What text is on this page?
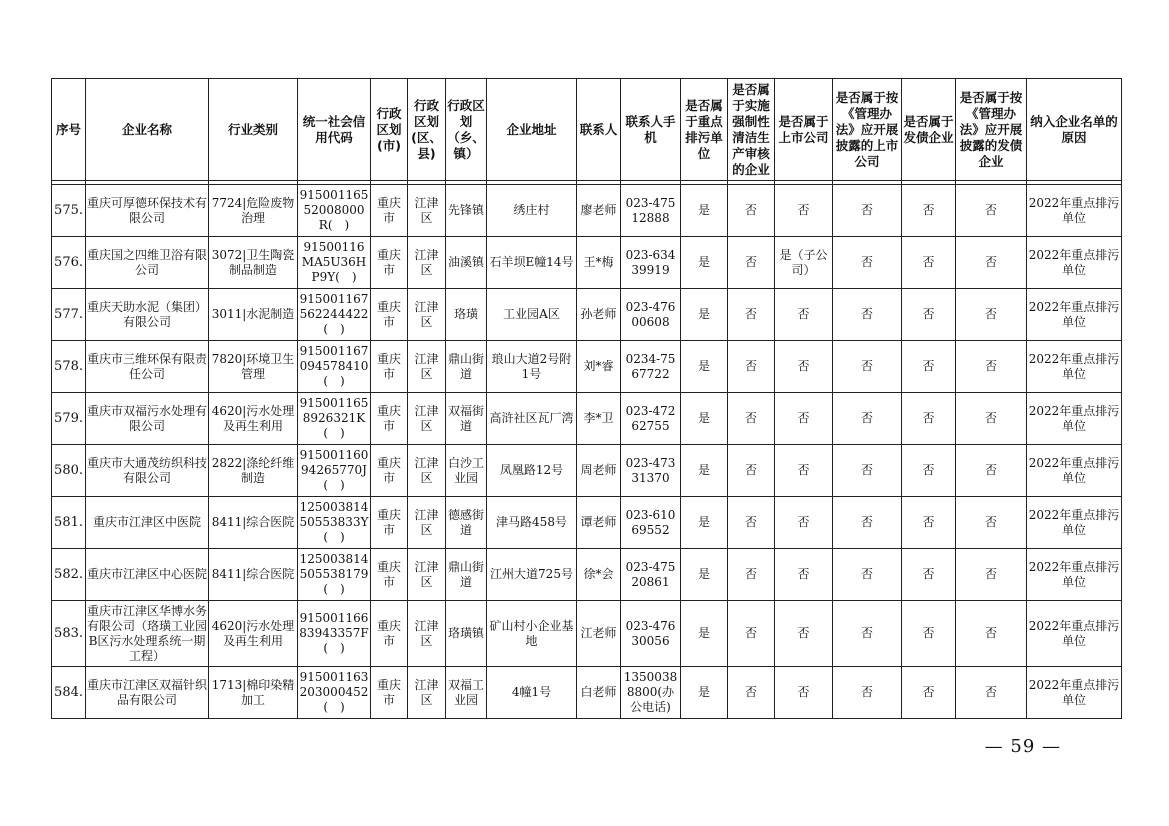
序号	企业名称	行业类别	统一社会信用代码	行政区划(市)	行政区划(区、县)	行政区划（乡、镇）	企业地址	联系人	联系人手机	是否属于重点排污单位	是否属于实施强制性清洁生产审核的企业	是否属于上市公司	是否属于按《管理办法》应开展披露的上市公司	是否属于发债企业	是否属于按《管理办法》应开展披露的发债企业	纳入企业名单的原因

575.	重庆可厚德环保技术有限公司	7724|危险废物治理	91500116552008000R(　)	重庆市	江津区	先锋镇	绣庄村	廖老师	023-47512888	是	否	否	否	否	否	2022年重点排污单位
576.	重庆国之四维卫浴有限公司	3072|卫生陶瓷制品制造	91500116MA5U36HP9Y(　)	重庆市	江津区	油溪镇	石羊坝E幢14号	王*梅	023-63439919	是	否	是（子公司）	否	否	否	2022年重点排污单位
577.	重庆天助水泥（集团）有限公司	3011|水泥制造	915001167562244422(　)	重庆市	江津区	珞璜	工业园A区	孙老师	023-47600608	是	否	否	否	否	否	2022年重点排污单位
578.	重庆市三维环保有限责任公司	7820|环境卫生管理	915001167094578410(　)	重庆市	江津区	鼎山街道	琅山大道2号附1号	刘*睿	0234-7567722	是	否	否	否	否	否	2022年重点排污单位
579.	重庆市双福污水处理有限公司	4620|污水处理及再生利用	9150011658926321K(　)	重庆市	江津区	双福街道	高浒社区瓦厂湾	李*卫	023-47262755	是	否	否	否	否	否	2022年重点排污单位
580.	重庆市大通茂纺织科技有限公司	2822|涤纶纤维制造	9150011609426577​0J(　)	重庆市	江津区	白沙工业园	凤凰路12号	周老师	023-47331370	是	否	否	否	否	否	2022年重点排污单位
581.	重庆市江津区中医院	8411|综合医院	12500381450553833Y(　)	重庆市	江津区	德感街道	津马路458号	谭老师	023-61069552	是	否	否	否	否	否	2022年重点排污单位
582.	重庆市江津区中心医院	8411|综合医院	125003814505538179(　)	重庆市	江津区	鼎山街道	江州大道725号	徐*会	023-47520861	是	否	否	否	否	否	2022年重点排污单位
583.	重庆市江津区华博水务有限公司（珞璜工业园B区污水处理系统一期工程）	4620|污水处理及再生利用	9150011668394335​7F(　)	重庆市	江津区	珞璜镇	矿山村小企业基地	江老师	023-47630056	是	否	否	否	否	否	2022年重点排污单位
584.	重庆市江津区双福针织品有限公司	1713|棉印染精加工	915001163203000452(　)	重庆市	江津区	双福工业园	4幢1号	白老师	13500388800(办公电话)	是	否	否	否	否	否	2022年重点排污单位
— 59 —
